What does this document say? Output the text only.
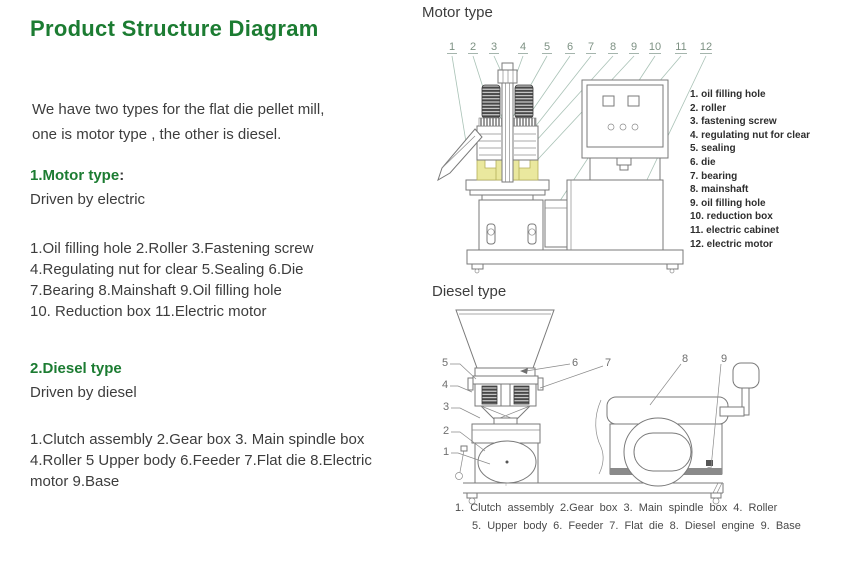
Product Structure Diagram
We have two types for the flat die pellet mill,
one is motor type , the other is diesel.
1.Motor type:
Driven by electric
1.Oil filling hole 2.Roller 3.Fastening screw
4.Regulating nut for clear 5.Sealing 6.Die
7.Bearing 8.Mainshaft 9.Oil filling hole
10. Reduction box 11.Electric motor
2.Diesel type
Driven by diesel
1.Clutch assembly 2.Gear box 3. Main spindle box
4.Roller 5 Upper body 6.Feeder 7.Flat die 8.Electric
motor 9.Base
Motor type
1 2 3 4 5 6 7 8 9 10 11 12
1. oil filling hole
2. roller
3. fastening screw
4. regulating nut for clear
5. sealing
6. die
7. bearing
8. mainshaft
9. oil filling hole
10. reduction box
11. electric cabinet
12. electric motor
Diesel type
5
4
3
2
1
6 7	8	9
1. Clutch assembly 2.Gear box 3. Main spindle box 4. Roller
5. Upper body 6. Feeder 7. Flat die 8. Diesel engine 9. Base
